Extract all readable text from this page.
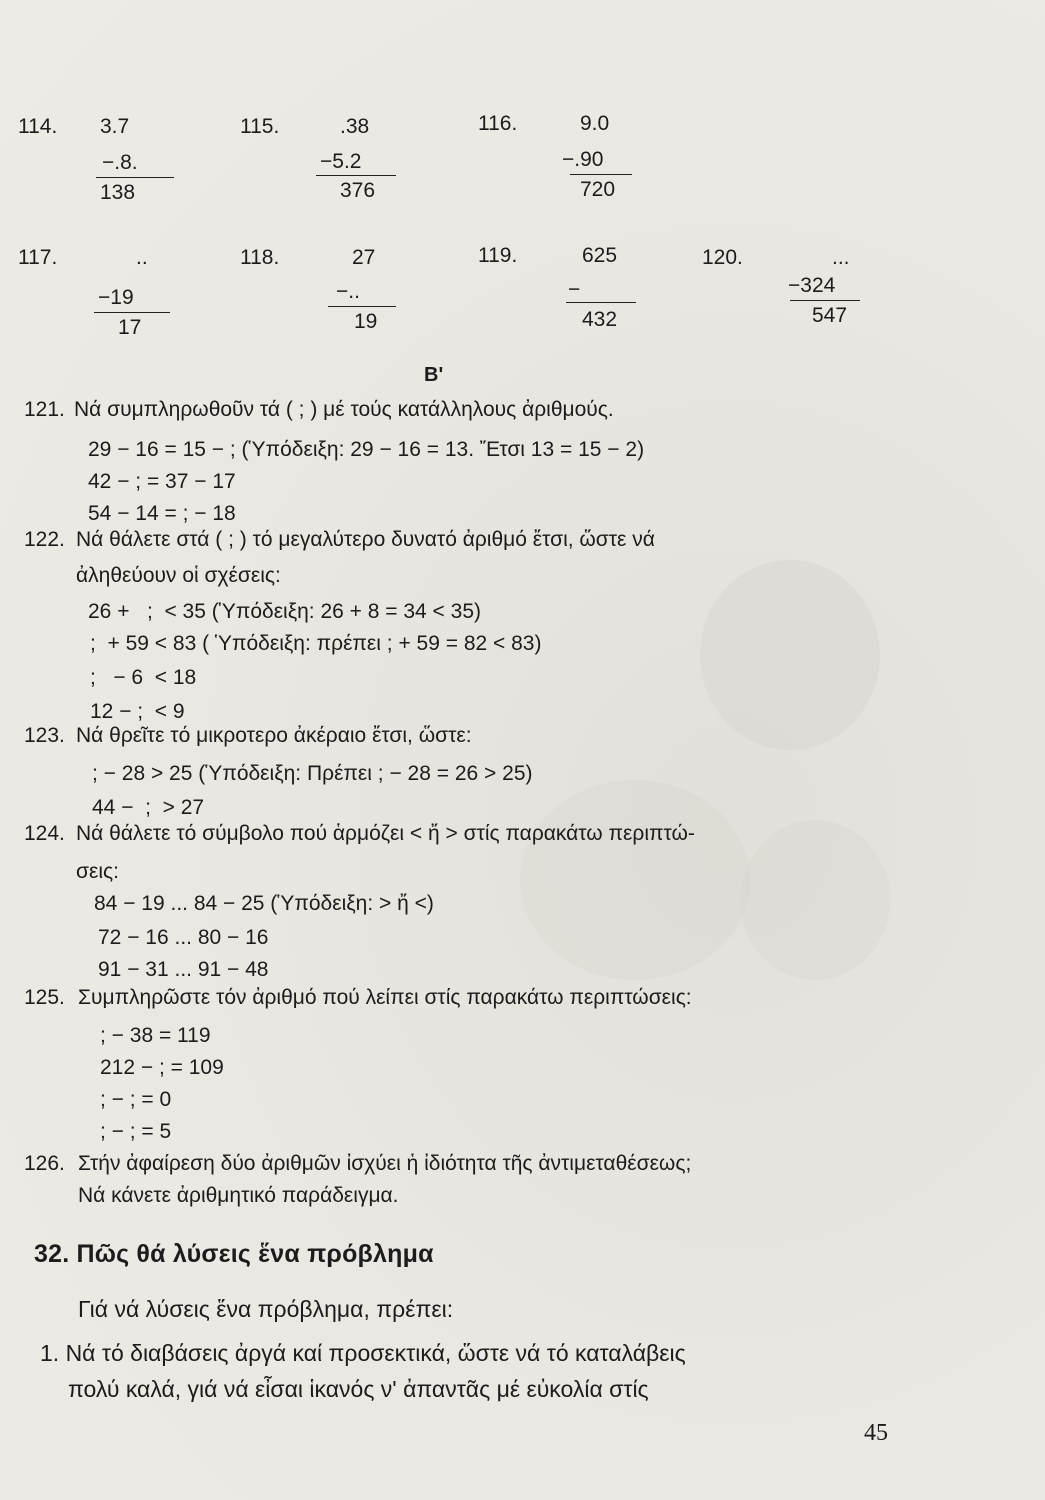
114. 3.7
−.8.
138
115.	.38
−5.2
376
116.	9.0
−.90
720
117.	..
−19
17
118.	27
−..
19
119.	625
−
432
120.	...
−324
547
Β'

121.

Νά συμπληρωθοῦν τά ( ; ) μέ τούς κατάλληλους ἀριθμούς.

29 − 16 = 15 − ; (Ὑπόδειξη: 29 − 16 = 13. Ἔτσι 13 = 15 − 2)

42 − ; = 37 − 17

54 − 14 = ; − 18

122.

Νά θάλετε στά ( ; ) τό μεγαλύτερο δυνατό ἀριθμό ἔτσι, ὥστε νά

ἀληθεύουν οἱ σχέσεις:

26 +   ;  < 35 (Ὑπόδειξη: 26 + 8 = 34 < 35)

;  + 59 < 83 ( Ὑπόδειξη: πρέπει ; + 59 = 82 < 83)

;   − 6  < 18

12 − ;  < 9

123.

Νά θρεῖτε τό μικροτερο ἀκέραιο ἔτσι, ὥστε:

; − 28 > 25 (Ὑπόδειξη: Πρέπει ; − 28 = 26 > 25)

44 −  ;  > 27

124.

Νά θάλετε τό σύμβολο πού ἁρμόζει < ἤ > στίς παρακάτω περιπτώ-

σεις:

84 − 19 ... 84 − 25 (Ὑπόδειξη: > ἤ <)

72 − 16 ... 80 − 16

91 − 31 ... 91 − 48

125.

Συμπληρῶστε τόν ἀριθμό πού λείπει στίς παρακάτω περιπτώσεις:

; − 38 = 119

212 − ; = 109

; − ; = 0

; − ; = 5

126.

Στήν ἀφαίρεση δύο ἀριθμῶν ἰσχύει ἡ ἰδιότητα τῆς ἀντιμεταθέσεως;

Νά κάνετε ἀριθμητικό παράδειγμα.

32. Πῶς θά λύσεις ἕνα πρόβλημα
Γιά νά λύσεις ἕνα πρόβλημα, πρέπει:
1. Νά τό διαβάσεις ἀργά καί προσεκτικά, ὥστε νά τό καταλάβεις
πολύ καλά, γιά νά εἶσαι ἱκανός ν' ἀπαντᾶς μέ εὐκολία στίς
45
